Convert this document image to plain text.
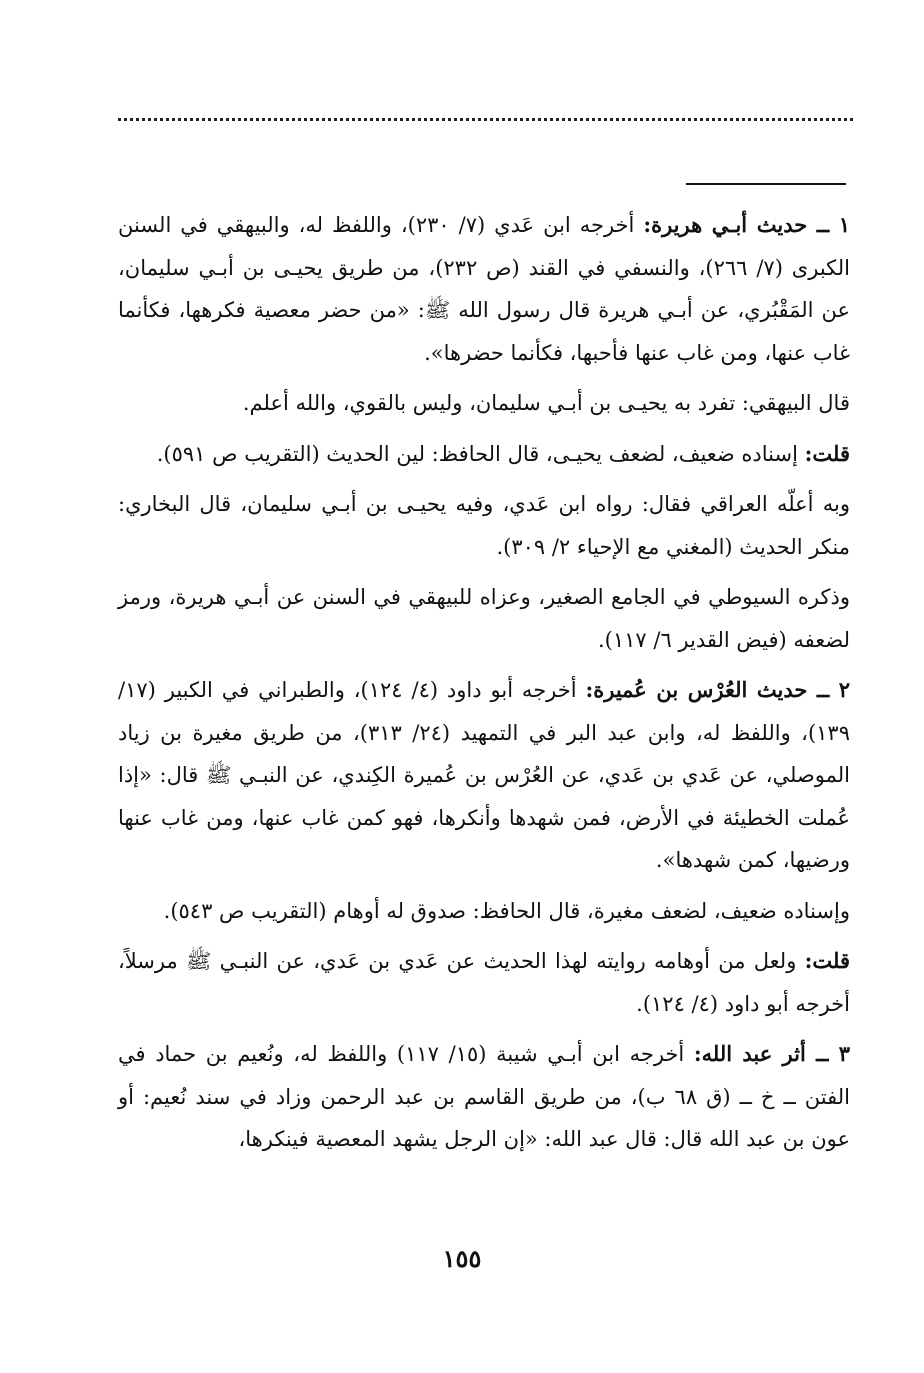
١ ــ حديث أبـي هريرة: أخرجه ابن عَدي (٧/ ٢٣٠)، واللفظ له، والبيهقي في السنن الكبرى (٧/ ٢٦٦)، والنسفي في القند (ص ٢٣٢)، من طريق يحيـى بن أبـي سليمان، عن المَقْبُري، عن أبـي هريرة قال رسول الله ﷺ: «من حضر معصية فكرهها، فكأنما غاب عنها، ومن غاب عنها فأحبها، فكأنما حضرها».

قال البيهقي: تفرد به يحيـى بن أبـي سليمان، وليس بالقوي، والله أعلم.

قلت: إسناده ضعيف، لضعف يحيـى، قال الحافظ: لين الحديث (التقريب ص ٥٩١).

وبه أعلّه العراقي فقال: رواه ابن عَدي، وفيه يحيـى بن أبـي سليمان، قال البخاري: منكر الحديث (المغني مع الإحياء ٢/ ٣٠٩).

وذكره السيوطي في الجامع الصغير، وعزاه للبيهقي في السنن عن أبـي هريرة، ورمز لضعفه (فيض القدير ٦/ ١١٧).

٢ ــ حديث العُرْس بن عُميرة: أخرجه أبو داود (٤/ ١٢٤)، والطبراني في الكبير (١٧/ ١٣٩)، واللفظ له، وابن عبد البر في التمهيد (٢٤/ ٣١٣)، من طريق مغيرة بن زياد الموصلي، عن عَدي بن عَدي، عن العُرْس بن عُميرة الكِندي، عن النبـي ﷺ قال: «إذا عُملت الخطيئة في الأرض، فمن شهدها وأنكرها، فهو كمن غاب عنها، ومن غاب عنها ورضيها، كمن شهدها».

وإسناده ضعيف، لضعف مغيرة، قال الحافظ: صدوق له أوهام (التقريب ص ٥٤٣).

قلت: ولعل من أوهامه روايته لهذا الحديث عن عَدي بن عَدي، عن النبـي ﷺ مرسلاً، أخرجه أبو داود (٤/ ١٢٤).

٣ ــ أثر عبد الله: أخرجه ابن أبـي شيبة (١٥/ ١١٧) واللفظ له، ونُعيم بن حماد في الفتن ــ خ ــ (ق ٦٨ ب)، من طريق القاسم بن عبد الرحمن وزاد في سند نُعيم: أو عون بن عبد الله قال: قال عبد الله: «إن الرجل يشهد المعصية فينكرها،

١٥٥
